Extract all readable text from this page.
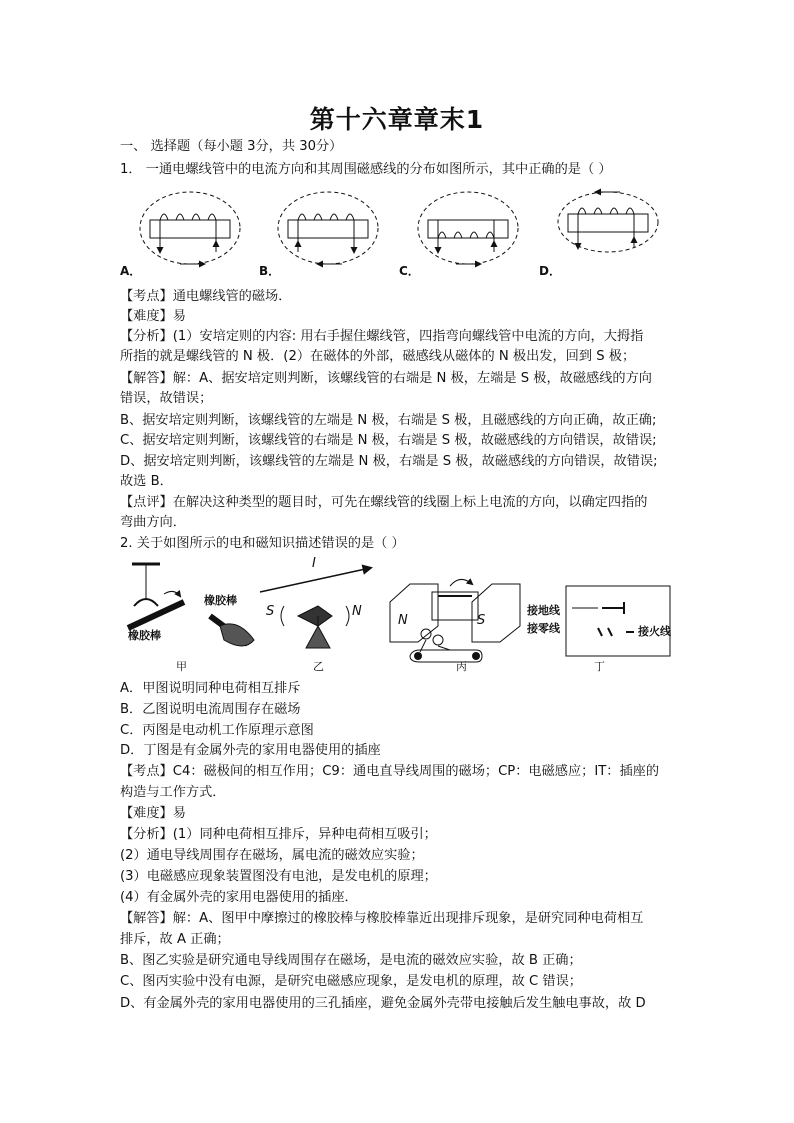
第十六章章末1
一、 选择题（每小题 3分，共 30分）
1． 一通电螺线管中的电流方向和其周围磁感线的分布如图所示，其中正确的是（ ）
A．	B．	C．	D．
【考点】通电螺线管的磁场．
【难度】易
【分析】(1）安培定则的内容: 用右手握住螺线管，四指弯向螺线管中电流的方向，大拇指
所指的就是螺线管的 N 极．(2）在磁体的外部，磁感线从磁体的 N 极出发，回到 S 极；
【解答】解：A、据安培定则判断，该螺线管的右端是 N 极，左端是 S 极，故磁感线的方向
错误，故错误；
B、据安培定则判断，该螺线管的左端是 N 极，右端是 S 极，且磁感线的方向正确，故正确;
C、据安培定则判断，该螺线管的右端是 N 极，右端是 S 极，故磁感线的方向错误，故错误;
D、据安培定则判断，该螺线管的左端是 N 极，右端是 S 极，故磁感线的方向错误，故错误;
故选 B．
【点评】在解决这种类型的题目时，可先在螺线管的线圈上标上电流的方向，以确定四指的
弯曲方向．
2. 关于如图所示的电和磁知识描述错误的是（ ）
橡胶棒
橡胶棒
I
S	N
N	S
接地线
接零线	接火线
甲	乙	丙	丁
A．甲图说明同种电荷相互排斥
B．乙图说明电流周围存在磁场
C．丙图是电动机工作原理示意图
D．丁图是有金属外壳的家用电器使用的插座
【考点】C4：磁极间的相互作用；C9：通电直导线周围的磁场；CP：电磁感应；IT：插座的
构造与工作方式．
【难度】易
【分析】(1）同种电荷相互排斥，异种电荷相互吸引；
(2）通电导线周围存在磁场，属电流的磁效应实验；
(3）电磁感应现象装置图没有电池，是发电机的原理；
(4）有金属外壳的家用电器使用的插座．
【解答】解：A、图甲中摩擦过的橡胶棒与橡胶棒靠近出现排斥现象，是研究同种电荷相互
排斥，故 A 正确；
B、图乙实验是研究通电导线周围存在磁场，是电流的磁效应实验，故 B 正确；
C、图丙实验中没有电源，是研究电磁感应现象，是发电机的原理，故 C 错误；
D、有金属外壳的家用电器使用的三孔插座，避免金属外壳带电接触后发生触电事故，故 D
